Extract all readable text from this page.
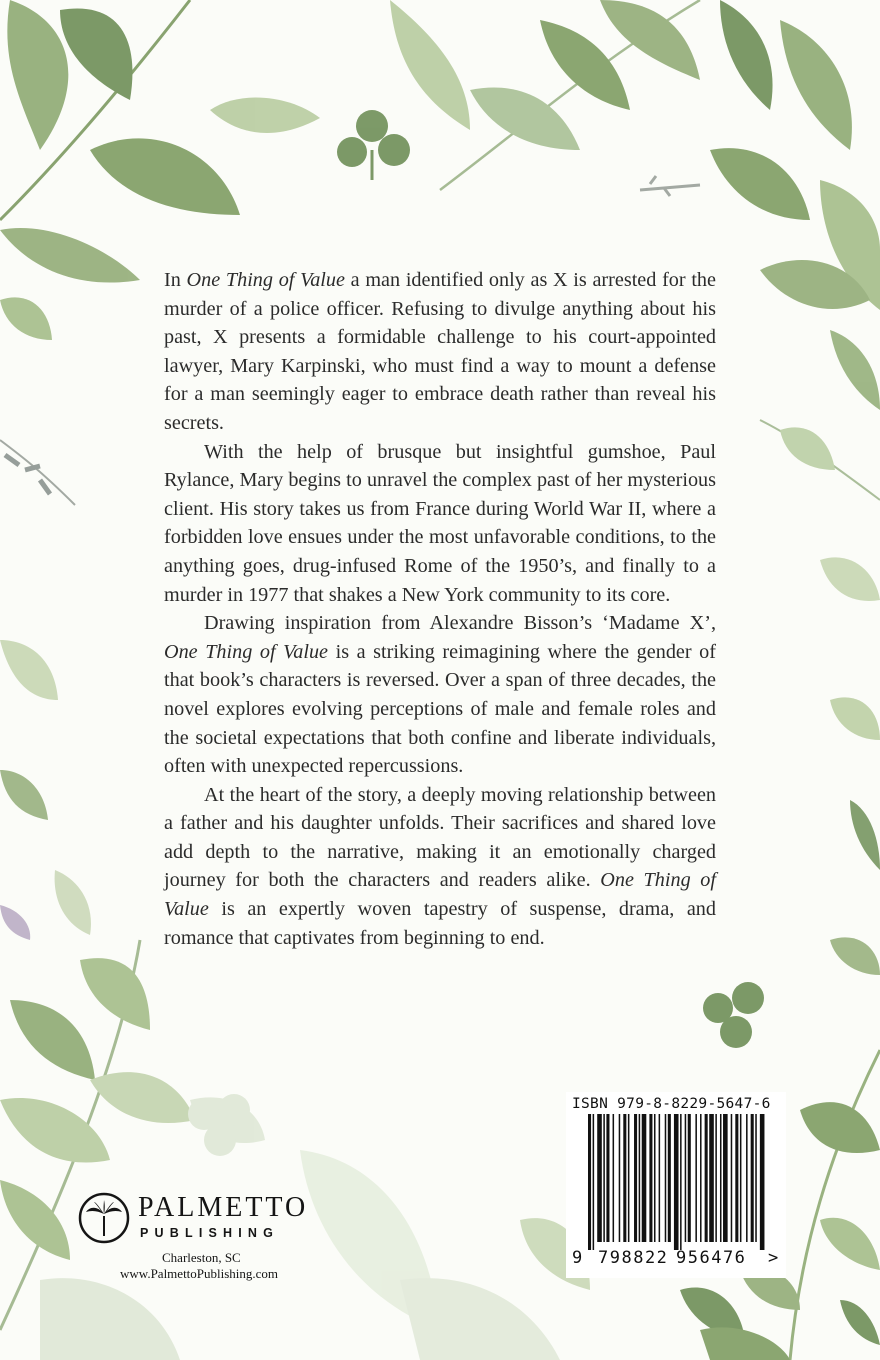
In One Thing of Value a man identified only as X is arrested for the murder of a police officer. Refusing to divulge anything about his past, X presents a formidable challenge to his court-appointed lawyer, Mary Karpinski, who must find a way to mount a defense for a man seemingly eager to embrace death rather than reveal his secrets.

With the help of brusque but insightful gumshoe, Paul Rylance, Mary begins to unravel the complex past of her mysterious client. His story takes us from France during World War II, where a forbidden love ensues under the most unfavorable conditions, to the anything goes, drug-infused Rome of the 1950’s, and finally to a murder in 1977 that shakes a New York community to its core.

Drawing inspiration from Alexandre Bisson’s ‘Madame X’, One Thing of Value is a striking reimagining where the gender of that book’s characters is reversed. Over a span of three decades, the novel explores evolving perceptions of male and female roles and the societal expectations that both confine and liberate individuals, often with unexpected repercussions.

At the heart of the story, a deeply moving relationship between a father and his daughter unfolds. Their sacrifices and shared love add depth to the narrative, making it an emotionally charged journey for both the characters and readers alike. One Thing of Value is an expertly woven tapestry of suspense, drama, and romance that captivates from beginning to end.

ISBN 979-8-8229-5647-6
9 798822 956476 >
PALMETTO
PUBLISHING
Charleston, SC
www.PalmettoPublishing.com
